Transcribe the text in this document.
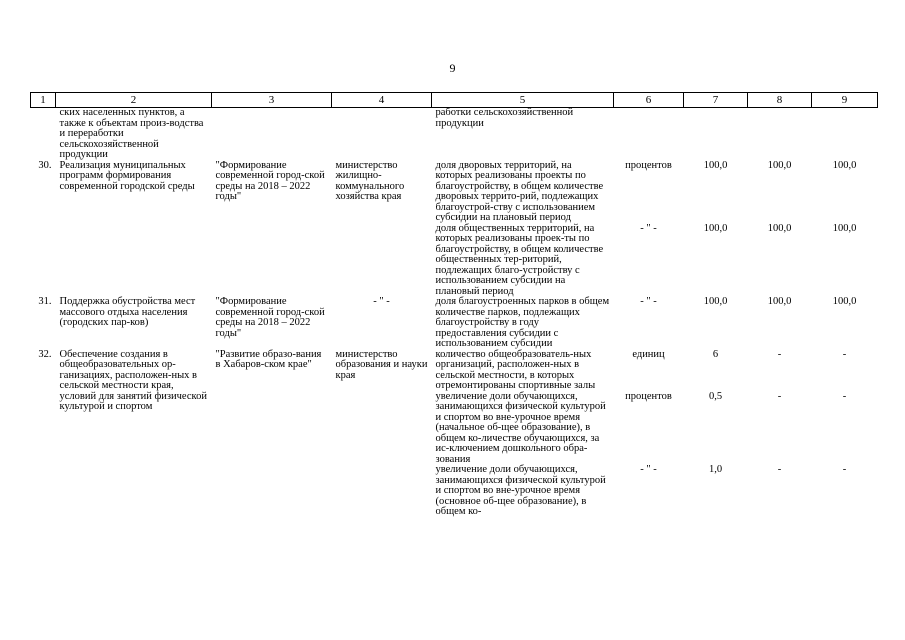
9
1	2	3	4	5	6	7	8	9
	ских населенных пунктов, а также к объектам произ-водства и переработки сельскохозяйственной продукции			работки сельскохозяйственной продукции				
30.	Реализация муниципальных программ формирования современной городской среды	"Формирование современной город-ской среды на 2018 – 2022 годы"	министерство жилищно-коммунального хозяйства края	доля дворовых территорий, на которых реализованы проекты по благоустройству, в общем количестве дворовых террито-рий, подлежащих благоустрой-ству с использованием субсидии на плановый период	процентов	100,0	100,0	100,0
				доля общественных территорий, на которых реализованы проек-ты по благоустройству, в общем количестве общественных тер-риторий, подлежащих благо-устройству с использованием субсидии на плановый период	- " -	100,0	100,0	100,0
31.	Поддержка обустройства мест массового отдыха населения (городских пар-ков)	"Формирование современной город-ской среды на 2018 – 2022 годы"	- " -	доля благоустроенных парков в общем количестве парков, подлежащих благоустройству в году предоставления субсидии с использованием субсидии	- " -	100,0	100,0	100,0
32.	Обеспечение создания в общеобразовательных ор-ганизациях, расположен-ных в сельской местности края, условий для занятий физической культурой и спортом	"Развитие образо-вания в Хабаров-ском крае"	министерство образования и науки края	количество общеобразователь-ных организаций, расположен-ных в сельской местности, в которых отремонтированы спортивные залы	единиц	6	-	-
				увеличение доли обучающихся, занимающихся физической культурой и спортом во вне-урочное время (начальное об-щее образование), в общем ко-личестве обучающихся, за ис-ключением дошкольного обра-зования	процентов	0,5	-	-
				увеличение доли обучающихся, занимающихся физической культурой и спортом во вне-урочное время (основное об-щее образование), в общем ко-	- " -	1,0	-	-
